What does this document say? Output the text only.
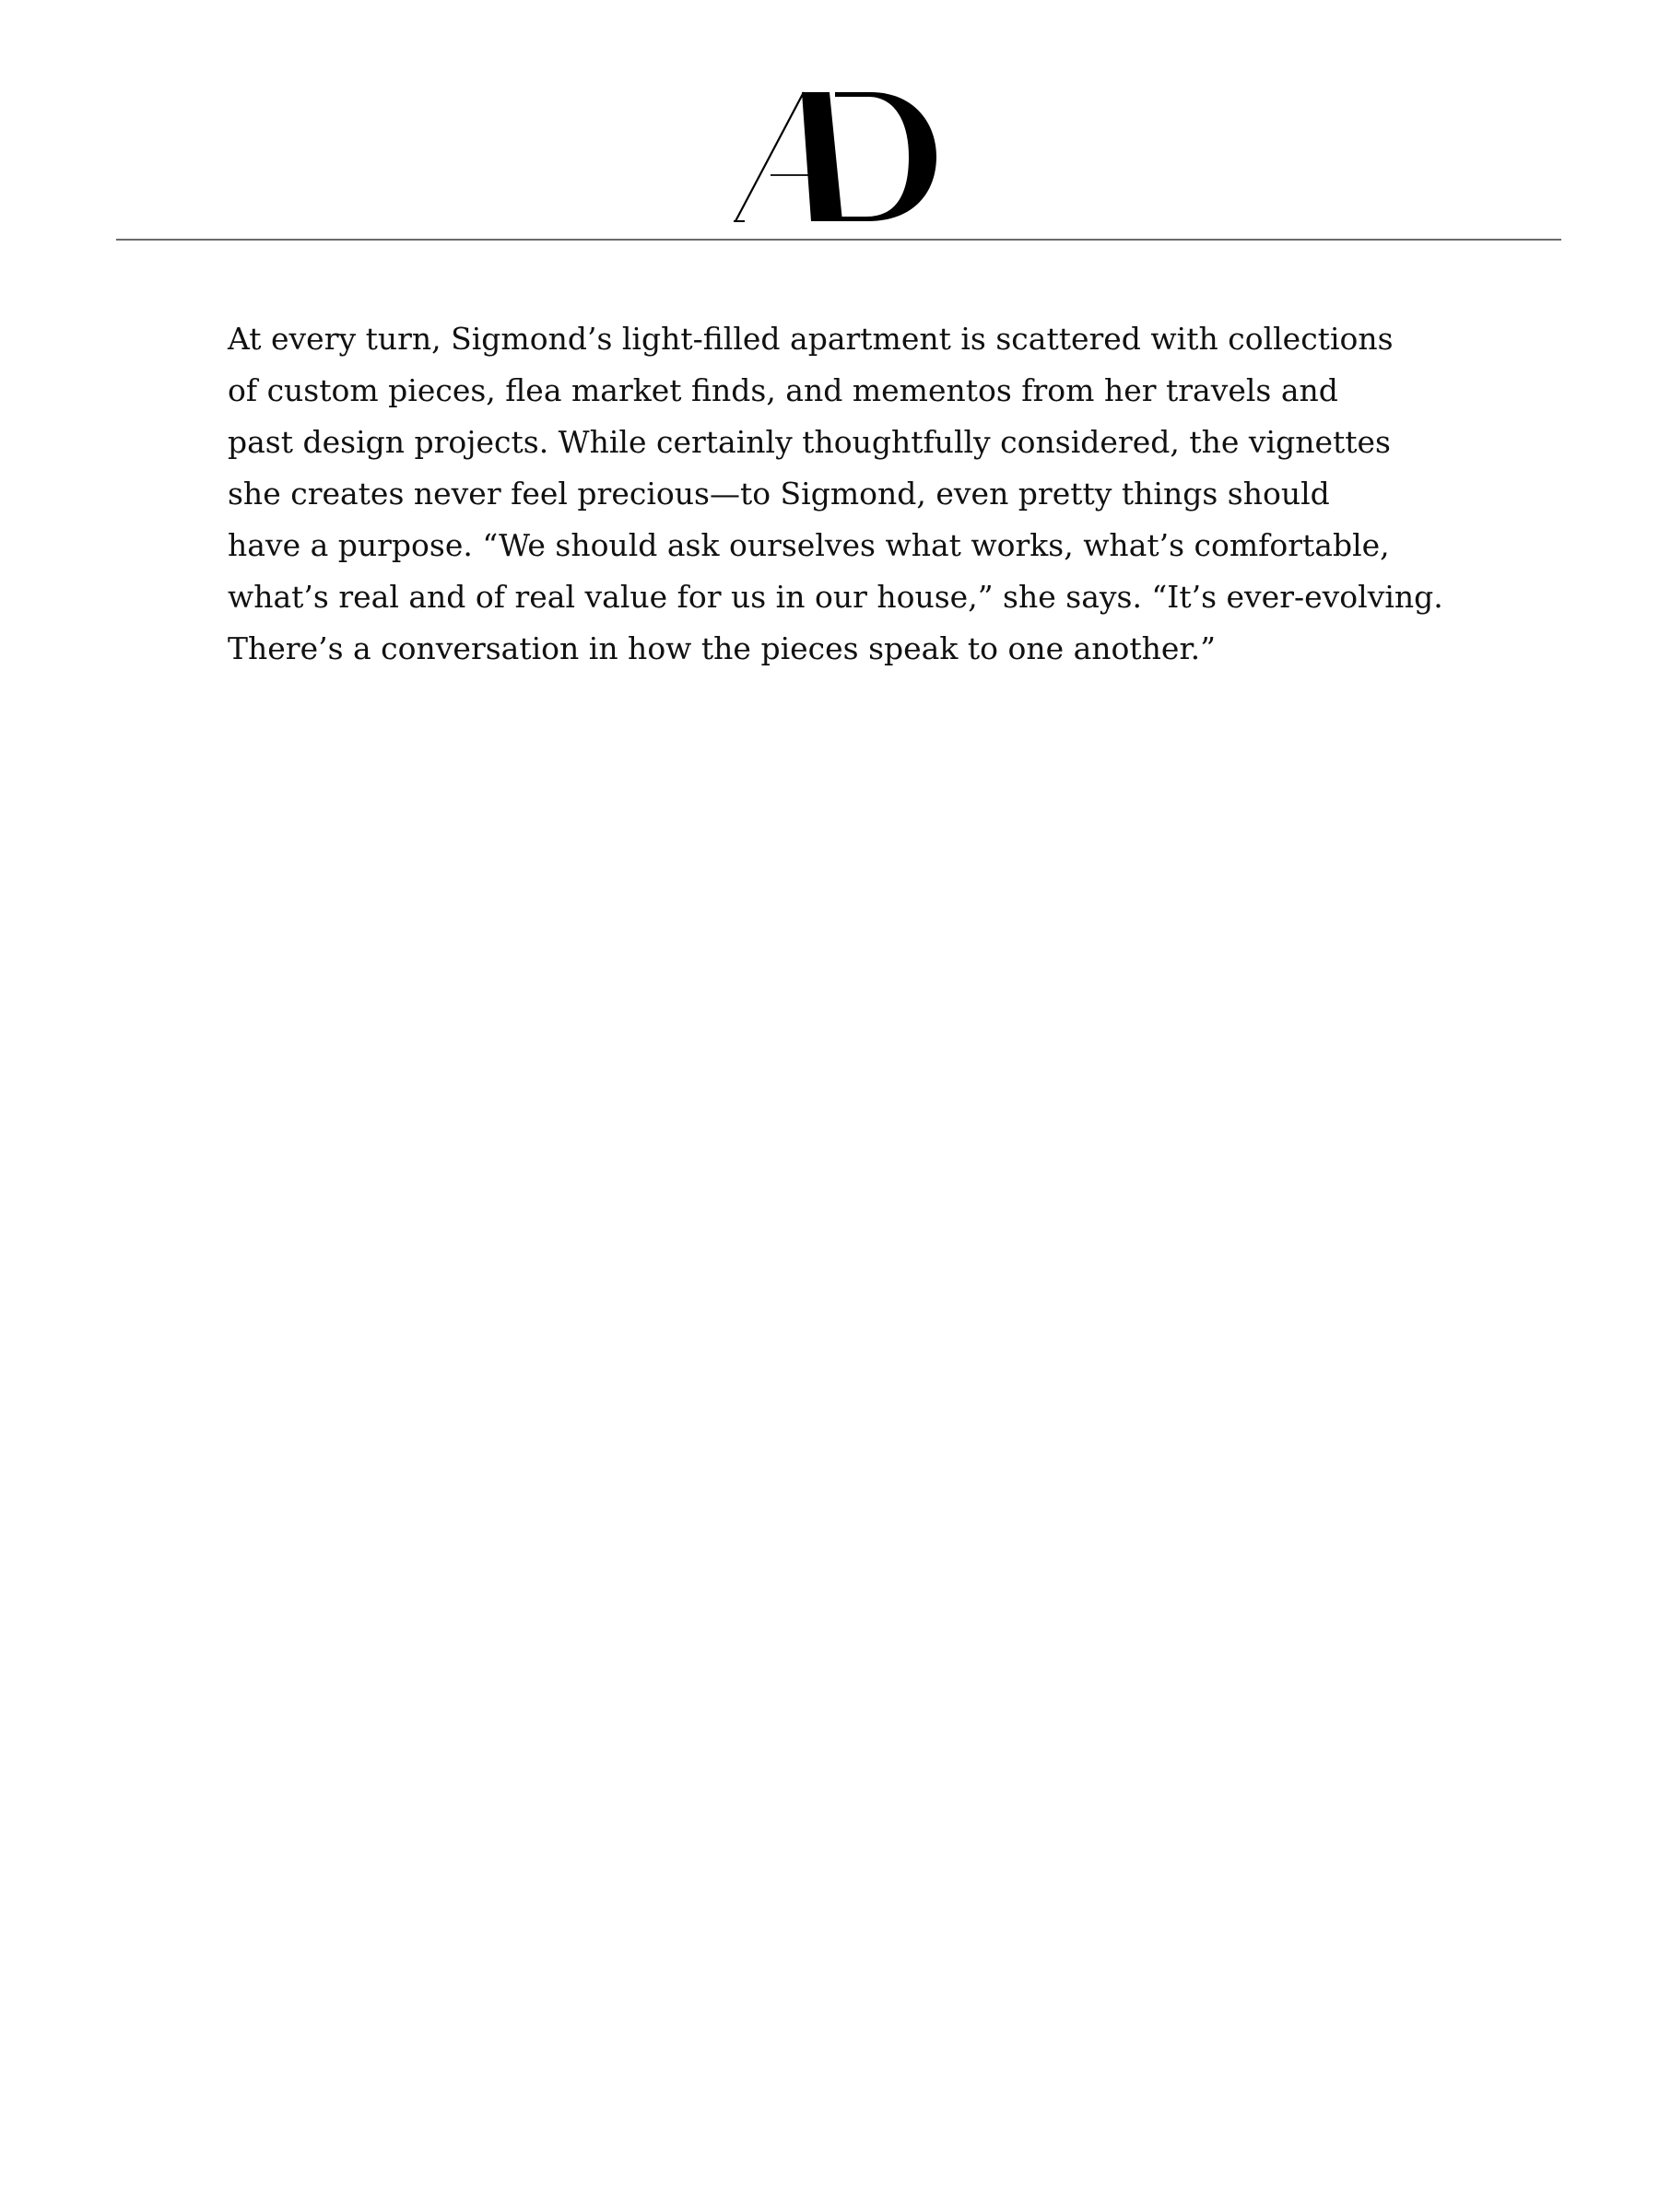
At every turn, Sigmond’s light-filled apartment is scattered with collections
of custom pieces, flea market finds, and mementos from her travels and
past design projects. While certainly thoughtfully considered, the vignettes
she creates never feel precious—to Sigmond, even pretty things should
have a purpose. “We should ask ourselves what works, what’s comfortable,
what’s real and of real value for us in our house,” she says. “It’s ever-evolving.
There’s a conversation in how the pieces speak to one another.”
